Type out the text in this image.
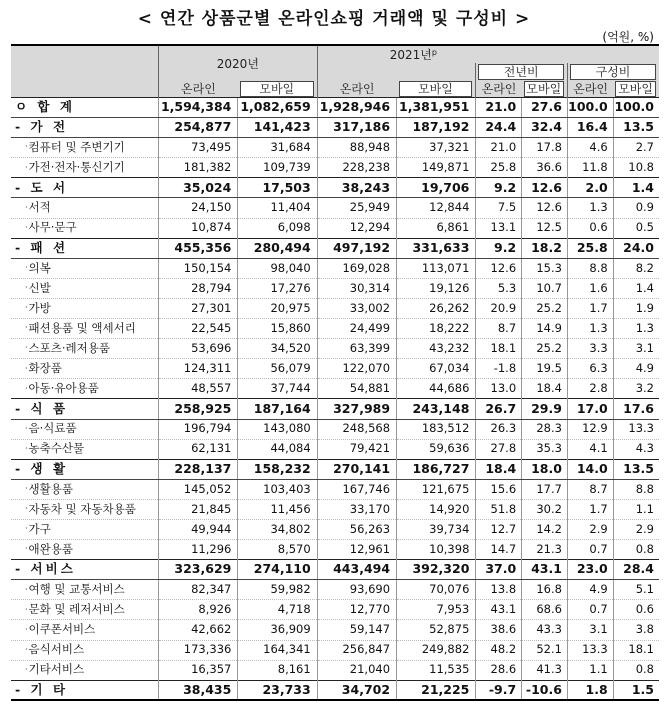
< 연간 상품군별 온라인쇼핑 거래액 및 구성비 >
(억원, %)
	2020년		2021년$^p$

					전년비		구성비	

	온라인	모바일	온라인	모바일	온라인	모바일	온라인	모바일

ㅇ 합 계	1,594,384	1,082,659	1,928,946	1,381,951	21.0	27.6	100.0	100.0
- 가 전	254,877	141,423	317,186	187,192	24.4	32.4	16.4	13.5
·컴퓨터 및 주변기기	73,495	31,684	88,948	37,321	21.0	17.8	4.6	2.7
·가전·전자·통신기기	181,382	109,739	228,238	149,871	25.8	36.6	11.8	10.8
- 도 서	35,024	17,503	38,243	19,706	9.2	12.6	2.0	1.4
·서적	24,150	11,404	25,949	12,844	7.5	12.6	1.3	0.9
·사무·문구	10,874	6,098	12,294	6,861	13.1	12.5	0.6	0.5
- 패 션	455,356	280,494	497,192	331,633	9.2	18.2	25.8	24.0
·의복	150,154	98,040	169,028	113,071	12.6	15.3	8.8	8.2
·신발	28,794	17,276	30,314	19,126	5.3	10.7	1.6	1.4
·가방	27,301	20,975	33,002	26,262	20.9	25.2	1.7	1.9
·패션용품 및 액세서리	22,545	15,860	24,499	18,222	8.7	14.9	1.3	1.3
·스포츠·레저용품	53,696	34,520	63,399	43,232	18.1	25.2	3.3	3.1
·화장품	124,311	56,079	122,070	67,034	-1.8	19.5	6.3	4.9
·아동·유아용품	48,557	37,744	54,881	44,686	13.0	18.4	2.8	3.2
- 식 품	258,925	187,164	327,989	243,148	26.7	29.9	17.0	17.6
·음·식료품	196,794	143,080	248,568	183,512	26.3	28.3	12.9	13.3
·농축수산물	62,131	44,084	79,421	59,636	27.8	35.3	4.1	4.3
- 생 활	228,137	158,232	270,141	186,727	18.4	18.0	14.0	13.5
·생활용품	145,052	103,403	167,746	121,675	15.6	17.7	8.7	8.8
·자동차 및 자동차용품	21,845	11,456	33,170	14,920	51.8	30.2	1.7	1.1
·가구	49,944	34,802	56,263	39,734	12.7	14.2	2.9	2.9
·애완용품	11,296	8,570	12,961	10,398	14.7	21.3	0.7	0.8
- 서비스	323,629	274,110	443,494	392,320	37.0	43.1	23.0	28.4
·여행 및 교통서비스	82,347	59,982	93,690	70,076	13.8	16.8	4.9	5.1
·문화 및 레저서비스	8,926	4,718	12,770	7,953	43.1	68.6	0.7	0.6
·이쿠폰서비스	42,662	36,909	59,147	52,875	38.6	43.3	3.1	3.8
·음식서비스	173,336	164,341	256,847	249,882	48.2	52.1	13.3	18.1
·기타서비스	16,357	8,161	21,040	11,535	28.6	41.3	1.1	0.8
- 기 타	38,435	23,733	34,702	21,225	-9.7	-10.6	1.8	1.5
